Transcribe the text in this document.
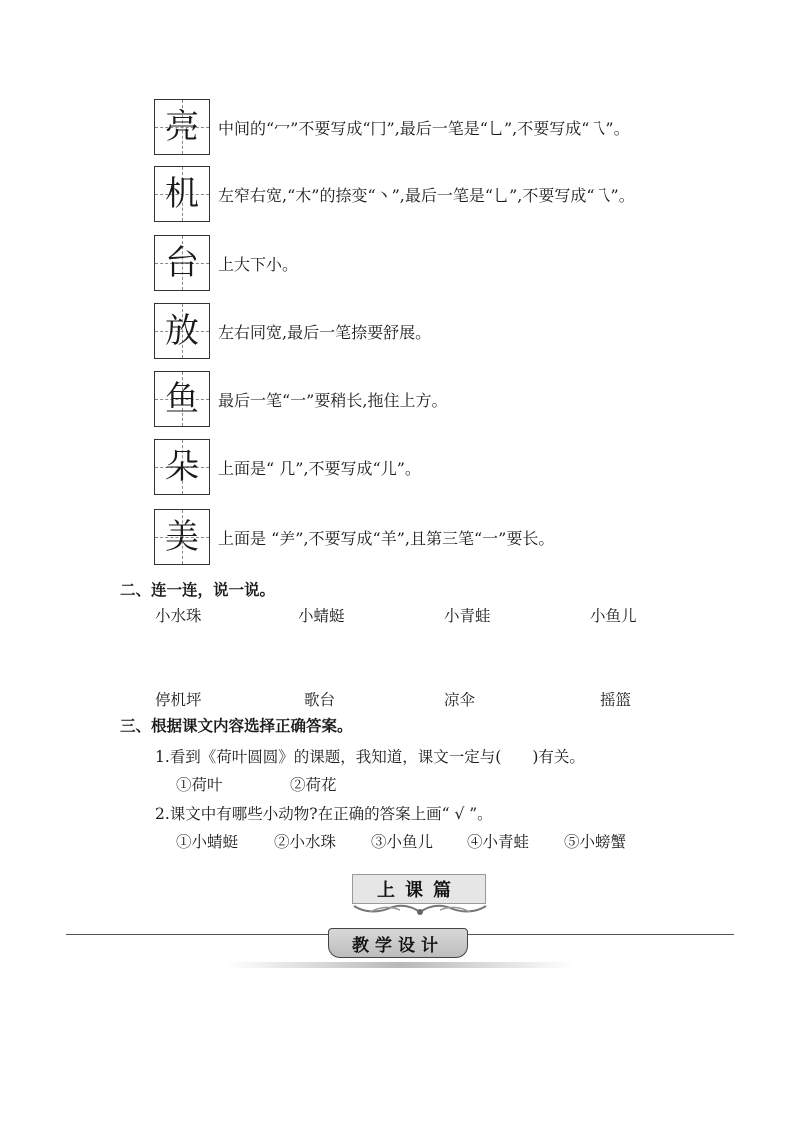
亮 中间的“冖”不要写成“冂”,最后一笔是“乚”,不要写成“乁”。
机 左窄右宽,“木”的捺变“丶”,最后一笔是“乚”,不要写成“乁”。
台 上大下小。
放 左右同宽,最后一笔捺要舒展。
鱼 最后一笔“一”要稍长,拖住上方。
朵 上面是“ 几”,不要写成“儿”。
美 上面是 “⺶”,不要写成“羊”,且第三笔“一”要长。
二、连一连，说一说。
小水珠	小蜻蜓	小青蛙	小鱼儿
停机坪	歌台	凉伞	摇篮
三、根据课文内容选择正确答案。
1.看到《荷叶圆圆》的课题，我知道，课文一定与(　　)有关。
①荷叶	②荷花
2.课文中有哪些小动物?在正确的答案上画“ √ ”。
①小蜻蜓 ②小水珠 ③小鱼儿 ④小青蛙 ⑤小螃蟹
上课篇
教学设计
